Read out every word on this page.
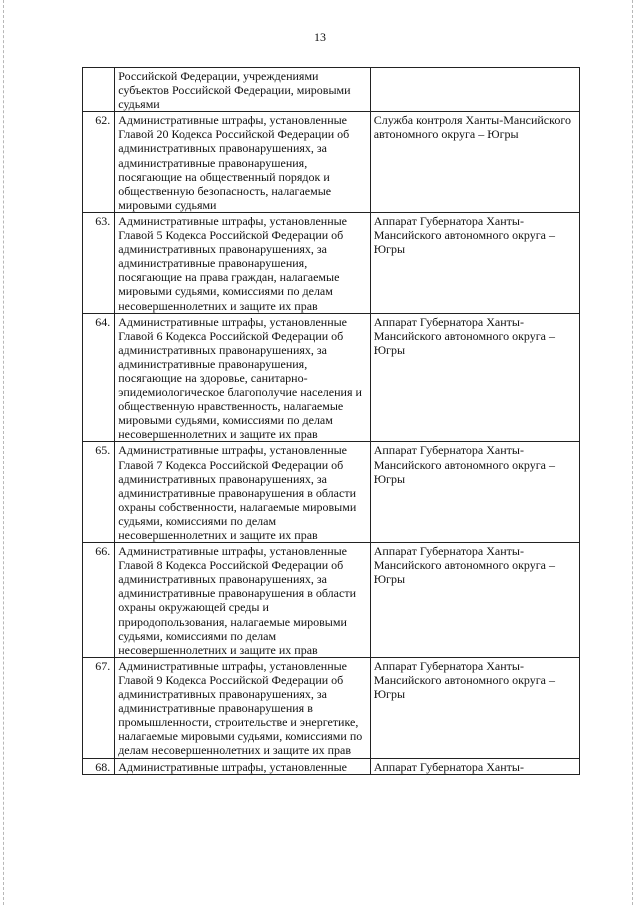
13
	Российской Федерации, учреждениями субъектов Российской Федерации, мировыми судьями	
62.	Административные штрафы, установленные Главой 20 Кодекса Российской Федерации об административных правонарушениях, за административные правонарушения, посягающие на общественный порядок и общественную безопасность, налагаемые мировыми судьями	Служба контроля Ханты-Мансийского автономного округа – Югры
63.	Административные штрафы, установленные Главой 5 Кодекса Российской Федерации об административных правонарушениях, за административные правонарушения, посягающие на права граждан, налагаемые мировыми судьями, комиссиями по делам несовершеннолетних и защите их прав	Аппарат Губернатора Ханты-Мансийского автономного округа – Югры
64.	Административные штрафы, установленные Главой 6 Кодекса Российской Федерации об административных правонарушениях, за административные правонарушения, посягающие на здоровье, санитарно-эпидемиологическое благополучие населения и общественную нравственность, налагаемые мировыми судьями, комиссиями по делам несовершеннолетних и защите их прав	Аппарат Губернатора Ханты-Мансийского автономного округа – Югры
65.	Административные штрафы, установленные Главой 7 Кодекса Российской Федерации об административных правонарушениях, за административные правонарушения в области охраны собственности, налагаемые мировыми судьями, комиссиями по делам несовершеннолетних и защите их прав	Аппарат Губернатора Ханты-Мансийского автономного округа – Югры
66.	Административные штрафы, установленные Главой 8 Кодекса Российской Федерации об административных правонарушениях, за административные правонарушения в области охраны окружающей среды и природопользования, налагаемые мировыми судьями, комиссиями по делам несовершеннолетних и защите их прав	Аппарат Губернатора Ханты-Мансийского автономного округа – Югры
67.	Административные штрафы, установленные Главой 9 Кодекса Российской Федерации об административных правонарушениях, за административные правонарушения в промышленности, строительстве и энергетике, налагаемые мировыми судьями, комиссиями по делам несовершеннолетних и защите их прав	Аппарат Губернатора Ханты-Мансийского автономного округа – Югры
68.	Административные штрафы, установленные	Аппарат Губернатора Ханты-
